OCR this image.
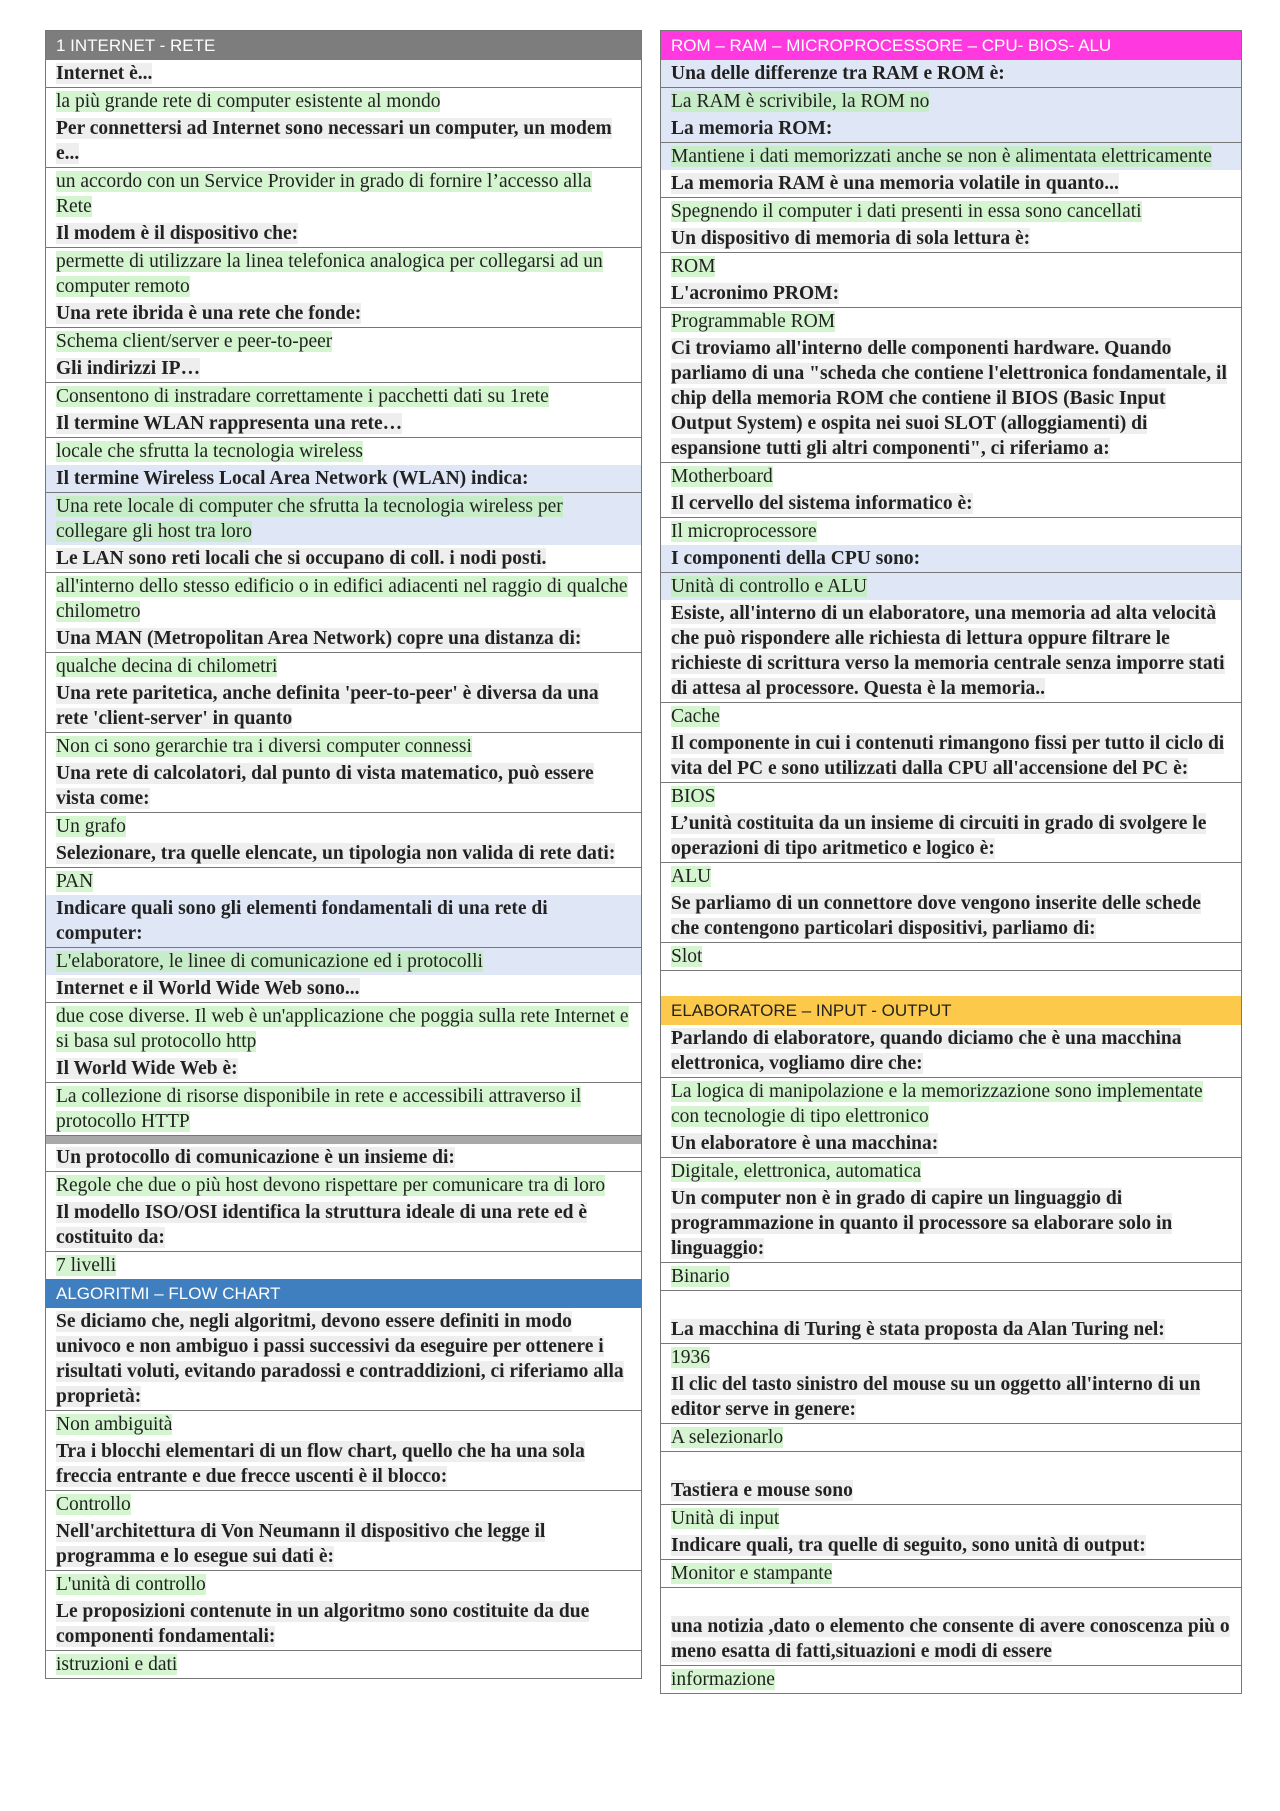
1 INTERNET - RETE
Internet è...
la più grande rete di computer esistente al mondo
Per connettersi ad Internet sono necessari un computer, un modem e...
un accordo con un Service Provider in grado di fornire l’accesso alla Rete
Il modem è il dispositivo che:
permette di utilizzare la linea telefonica analogica per collegarsi ad un computer remoto
Una rete ibrida è una rete che fonde:
Schema client/server e peer-to-peer
Gli indirizzi IP…
Consentono di instradare correttamente i pacchetti dati su 1rete
Il termine WLAN rappresenta una rete…
locale che sfrutta la tecnologia wireless
Il termine Wireless Local Area Network (WLAN) indica:
Una rete locale di computer che sfrutta la tecnologia wireless per collegare gli host tra loro
Le LAN sono reti locali che si occupano di coll. i nodi posti.
all'interno dello stesso edificio o in edifici adiacenti nel raggio di qualche chilometro
Una MAN (Metropolitan Area Network) copre una distanza di:
qualche decina di chilometri
Una rete paritetica, anche definita 'peer-to-peer' è diversa da una rete 'client-server' in quanto
Non ci sono gerarchie tra i diversi computer connessi
Una rete di calcolatori, dal punto di vista matematico, può essere vista come:
Un grafo
Selezionare, tra quelle elencate, un tipologia non valida di rete dati:
PAN
Indicare quali sono gli elementi fondamentali di una rete di computer:
L'elaboratore, le linee di comunicazione ed i protocolli
Internet e il World Wide Web sono...
due cose diverse. Il web è un'applicazione che poggia sulla rete Internet e si basa sul protocollo http
Il World Wide Web è:
La collezione di risorse disponibile in rete e accessibili attraverso il protocollo HTTP
Un protocollo di comunicazione è un insieme di:
Regole che due o più host devono rispettare per comunicare tra di loro
Il modello ISO/OSI identifica la struttura ideale di una rete ed è costituito da:
7 livelli
ALGORITMI – FLOW CHART
Se diciamo che, negli algoritmi, devono essere definiti in modo univoco e non ambiguo i passi successivi da eseguire per ottenere i risultati voluti, evitando paradossi e contraddizioni, ci riferiamo alla proprietà:
Non ambiguità
Tra i blocchi elementari di un flow chart, quello che ha una sola freccia entrante e due frecce uscenti è il blocco:
Controllo
Nell'architettura di Von Neumann il dispositivo che legge il programma e lo esegue sui dati è:
L'unità di controllo
Le proposizioni contenute in un algoritmo sono costituite da due componenti fondamentali:
istruzioni e dati
ROM – RAM – MICROPROCESSORE – CPU- BIOS- ALU
Una delle differenze tra RAM e ROM è:
La RAM è scrivibile, la ROM no
La memoria ROM:
Mantiene i dati memorizzati anche se non è alimentata elettricamente
La memoria RAM è una memoria volatile in quanto...
Spegnendo il computer i dati presenti in essa sono cancellati
Un dispositivo di memoria di sola lettura è:
ROM
L'acronimo PROM:
Programmable ROM
Ci troviamo all'interno delle componenti hardware. Quando parliamo di una "scheda che contiene l'elettronica fondamentale, il chip della memoria ROM che contiene il BIOS (Basic Input Output System) e ospita nei suoi SLOT (alloggiamenti) di espansione tutti gli altri componenti", ci riferiamo a:
Motherboard
Il cervello del sistema informatico è:
Il microprocessore
I componenti della CPU sono:
Unità di controllo e ALU
Esiste, all'interno di un elaboratore, una memoria ad alta velocità che può rispondere alle richiesta di lettura oppure filtrare le richieste di scrittura verso la memoria centrale senza imporre stati di attesa al processore. Questa è la memoria..
Cache
Il componente in cui i contenuti rimangono fissi per tutto il ciclo di vita del PC e sono utilizzati dalla CPU all'accensione del PC è:
BIOS
L’unità costituita da un insieme di circuiti in grado di svolgere le operazioni di tipo aritmetico e logico è:
ALU
Se parliamo di un connettore dove vengono inserite delle schede che contengono particolari dispositivi, parliamo di:
Slot
ELABORATORE – INPUT - OUTPUT
Parlando di elaboratore, quando diciamo che è una macchina elettronica, vogliamo dire che:
La logica di manipolazione e la memorizzazione sono implementate con tecnologie di tipo elettronico
Un elaboratore è una macchina:
Digitale, elettronica, automatica
Un computer non è in grado di capire un linguaggio di programmazione in quanto il processore sa elaborare solo in linguaggio:
Binario
La macchina di Turing è stata proposta da Alan Turing nel:
1936
Il clic del tasto sinistro del mouse su un oggetto all'interno di un editor serve in genere:
A selezionarlo
Tastiera e mouse sono
Unità di input
Indicare quali, tra quelle di seguito, sono unità di output:
Monitor e stampante
una notizia ,dato o elemento che consente di avere conoscenza più o meno esatta di fatti,situazioni e modi di essere
informazione
